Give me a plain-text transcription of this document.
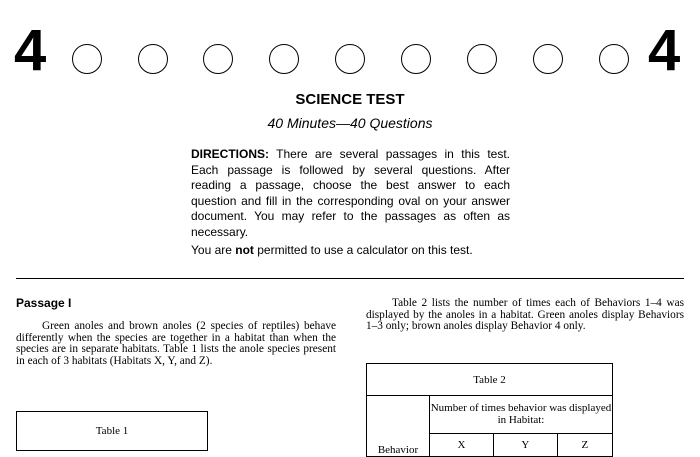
4	4
SCIENCE TEST
40 Minutes—40 Questions

DIRECTIONS: There are several passages in this test. Each passage is followed by several questions. After reading a passage, choose the best answer to each question and fill in the corresponding oval on your answer document. You may refer to the passages as often as necessary.

You are not permitted to use a calculator on this test.

Passage I

Green anoles and brown anoles (2 species of reptiles) behave differently when the species are together in a habitat than when the species are in separate habitats. Table 1 lists the anole species present in each of 3 habitats (Habitats X, Y, and Z).

Table 2 lists the number of times each of Behaviors 1–4 was displayed by the anoles in a habitat. Green anoles display Behaviors 1–3 only; brown anoles display Behavior 4 only.

Table 1
Table 2			
Behavior	Number of times behavior was displayed in Habitat:		
	X	Y	Z
